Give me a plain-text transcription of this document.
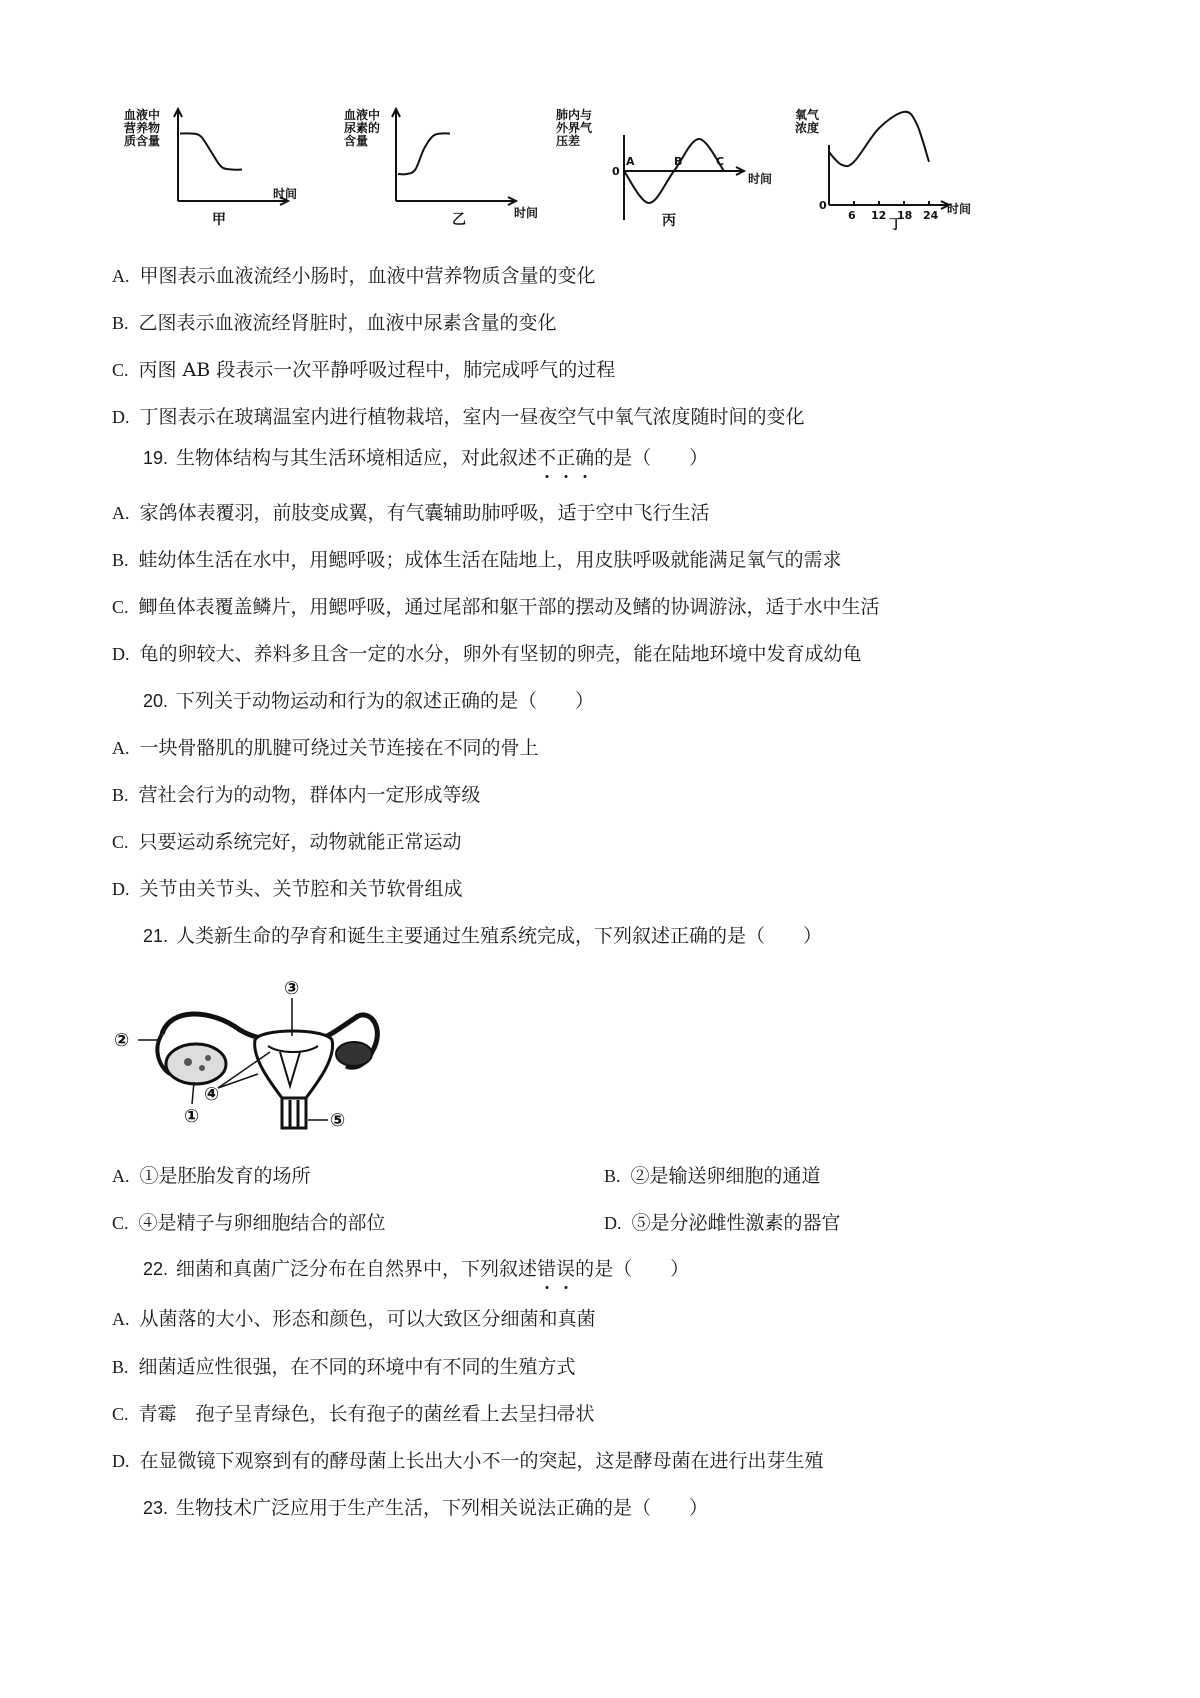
血液中
营养物
质含量
时间
甲
血液中
尿素的
含量
时间
乙
肺内与
外界气
压差
0
A	B	C
时间
丙
氧气
浓度
0
6 12 18 24 时间
丁
A. 甲图表示血液流经小肠时，血液中营养物质含量的变化
B. 乙图表示血液流经肾脏时，血液中尿素含量的变化
C. 丙图 AB 段表示一次平静呼吸过程中，肺完成呼气的过程
D. 丁图表示在玻璃温室内进行植物栽培，室内一昼夜空气中氧气浓度随时间的变化
19. 生物体结构与其生活环境相适应，对此叙述不正确的是（　　）
A. 家鸽体表覆羽，前肢变成翼，有气囊辅助肺呼吸，适于空中飞行生活
B. 蛙幼体生活在水中，用鳃呼吸；成体生活在陆地上，用皮肤呼吸就能满足氧气的需求
C. 鲫鱼体表覆盖鳞片，用鳃呼吸，通过尾部和躯干部的摆动及鳍的协调游泳，适于水中生活
D. 龟的卵较大、养料多且含一定的水分，卵外有坚韧的卵壳，能在陆地环境中发育成幼龟
20. 下列关于动物运动和行为的叙述正确的是（　　）
A. 一块骨骼肌的肌腱可绕过关节连接在不同的骨上
B. 营社会行为的动物，群体内一定形成等级
C. 只要运动系统完好，动物就能正常运动
D. 关节由关节头、关节腔和关节软骨组成
21. 人类新生命的孕育和诞生主要通过生殖系统完成，下列叙述正确的是（　　）
③
②
④
①	⑤
A. ①是胚胎发育的场所	B. ②是输送卵细胞的通道
C. ④是精子与卵细胞结合的部位	D. ⑤是分泌雌性激素的器官
22. 细菌和真菌广泛分布在自然界中，下列叙述错误的是（　　）
A. 从菌落的大小、形态和颜色，可以大致区分细菌和真菌
B. 细菌适应性很强，在不同的环境中有不同的生殖方式
C. 青霉　孢子呈青绿色，长有孢子的菌丝看上去呈扫帚状
D. 在显微镜下观察到有的酵母菌上长出大小不一的突起，这是酵母菌在进行出芽生殖
23. 生物技术广泛应用于生产生活，下列相关说法正确的是（　　）
